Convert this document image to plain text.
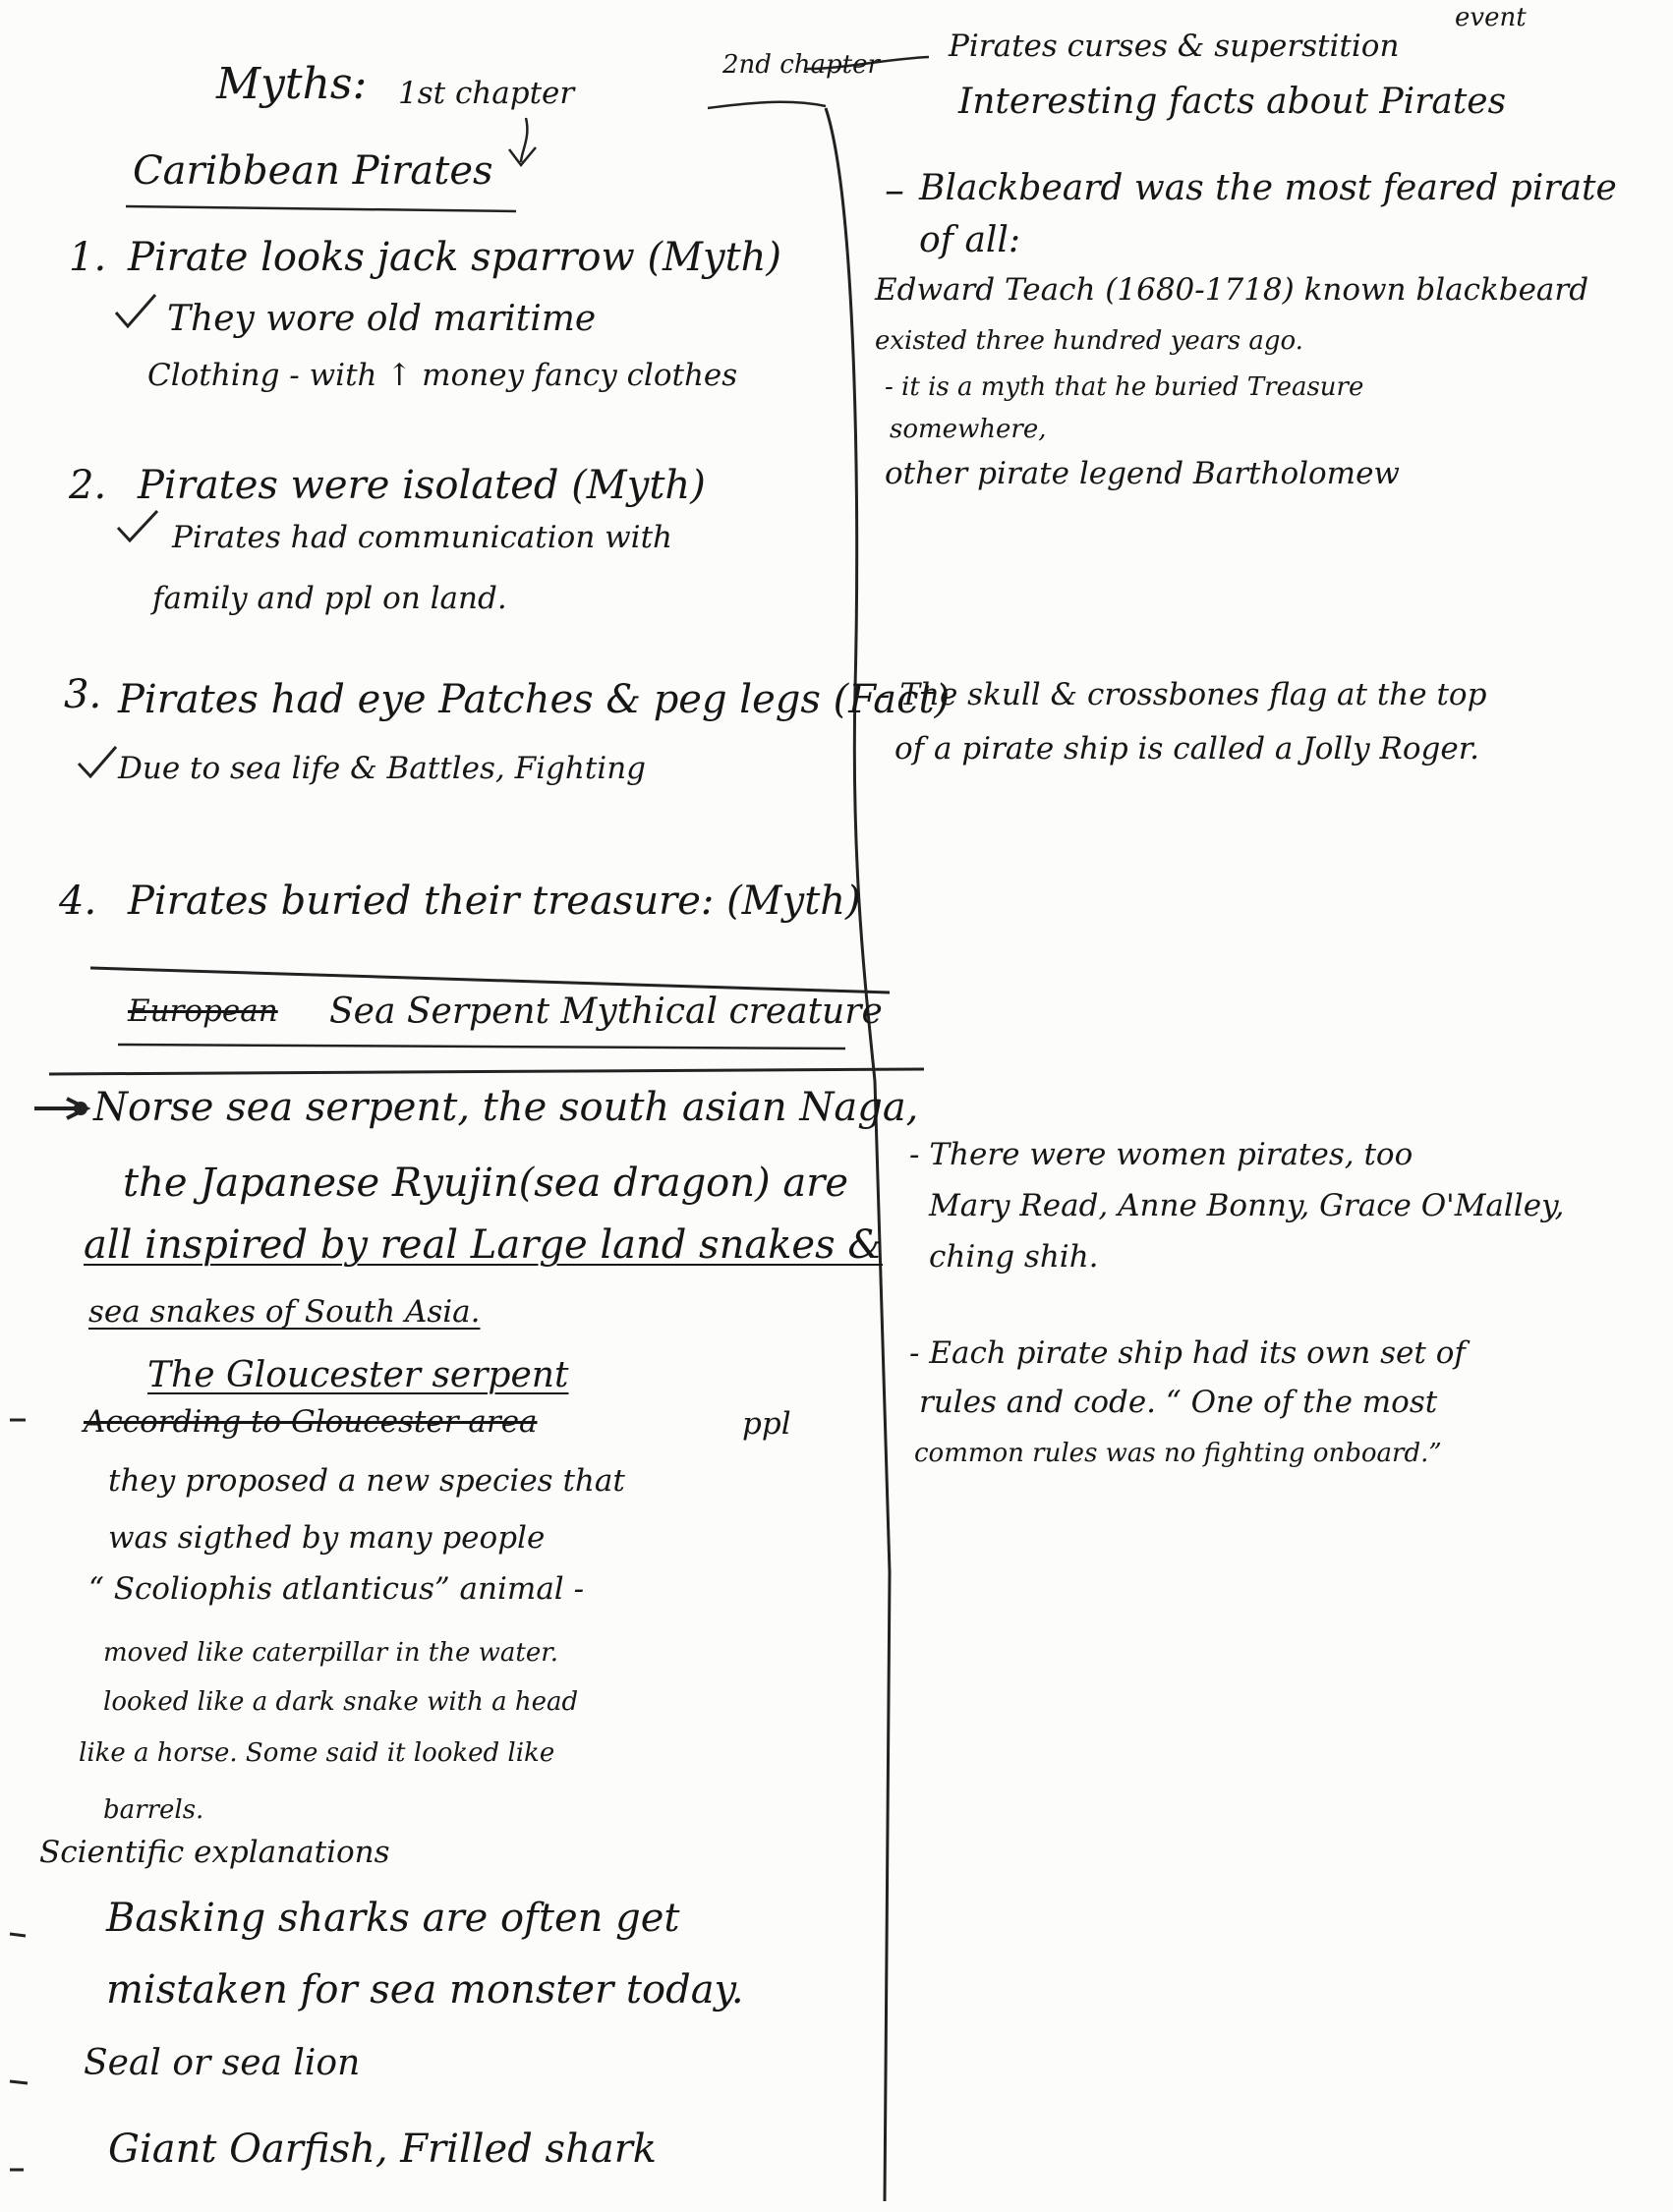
event
Myths: 1st chapter
Caribbean Pirates
2nd chapter
Pirates curses & superstition
Interesting facts about Pirates
1. Pirate looks jack sparrow (Myth)
They wore old maritime
Clothing - with ↑ money fancy clothes
2. Pirates were isolated (Myth)
Pirates had communication with
family and ppl on land.
3. Pirates had eye Patches & peg legs (Fact)
Due to sea life & Battles, Fighting
4. Pirates buried their treasure: (Myth)
European Sea Serpent Mythical creature
Norse sea serpent, the south asian Naga,
the Japanese Ryujin(sea dragon) are
all inspired by real Large land snakes &
sea snakes of South Asia.
The Gloucester serpent
According to Gloucester area	ppl
they proposed a new species that
was sigthed by many people
“ Scoliophis atlanticus” animal -
moved like caterpillar in the water.
looked like a dark snake with a head
like a horse. Some said it looked like
barrels.
Scientific explanations
Basking sharks are often get
mistaken for sea monster today.
Seal or sea lion
Giant Oarfish, Frilled shark
– Blackbeard was the most feared pirate
of all:
Edward Teach (1680-1718) known blackbeard
existed three hundred years ago.
- it is a myth that he buried Treasure
somewhere,
other pirate legend Bartholomew
- The skull & crossbones flag at the top
of a pirate ship is called a Jolly Roger.
- There were women pirates, too
Mary Read, Anne Bonny, Grace O'Malley,
ching shih.
- Each pirate ship had its own set of
rules and code. “ One of the most
common rules was no fighting onboard.”
